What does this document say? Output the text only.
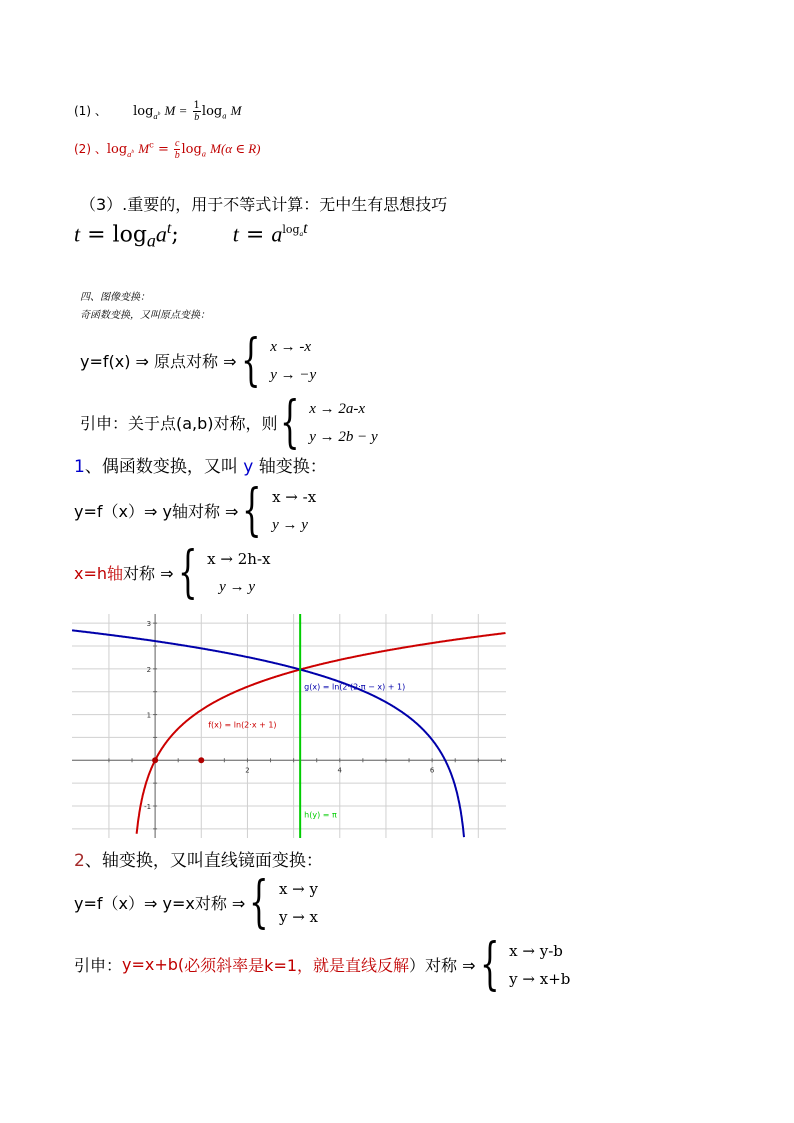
(1) 、 $\log_{a^b} M = \frac{1}{b} \log_a M$
(2) 、$\log_{a^b} M^c = \frac{c}{b} \log_a M(\alpha$ ∈ R)
（3）.重要的，用于不等式计算：无中生有思想技巧
$t = \log_aa^t$; $t = a^{log_at}$
四、图像变换：
奇函数变换，又叫原点变换：
y=f(x) ⇒ 原点对称 ⇒ { x → -x
y → −y
引申：关于点(a,b)对称，则 { x → 2a-x
y → 2b − y
1、偶函数变换，又叫 y 轴变换：
y=f（x）⇒ y轴对称 ⇒ { x → -x
y → y
x=h轴 对称 ⇒ { x → 2h-x
y → y
2	4	6
3
2
1
-1
f(x) = ln(2·x + 1)
g(x) = ln(2·(2·π − x) + 1)
h(y) = π
2、轴变换，又叫直线镜面变换：
y=f（x）⇒ y=x对称 ⇒ { x → y
y → x
引申： y=x+b( 必须斜率是k=1，就是直线反解 ）对称 ⇒ { x → y-b
y → x+b
